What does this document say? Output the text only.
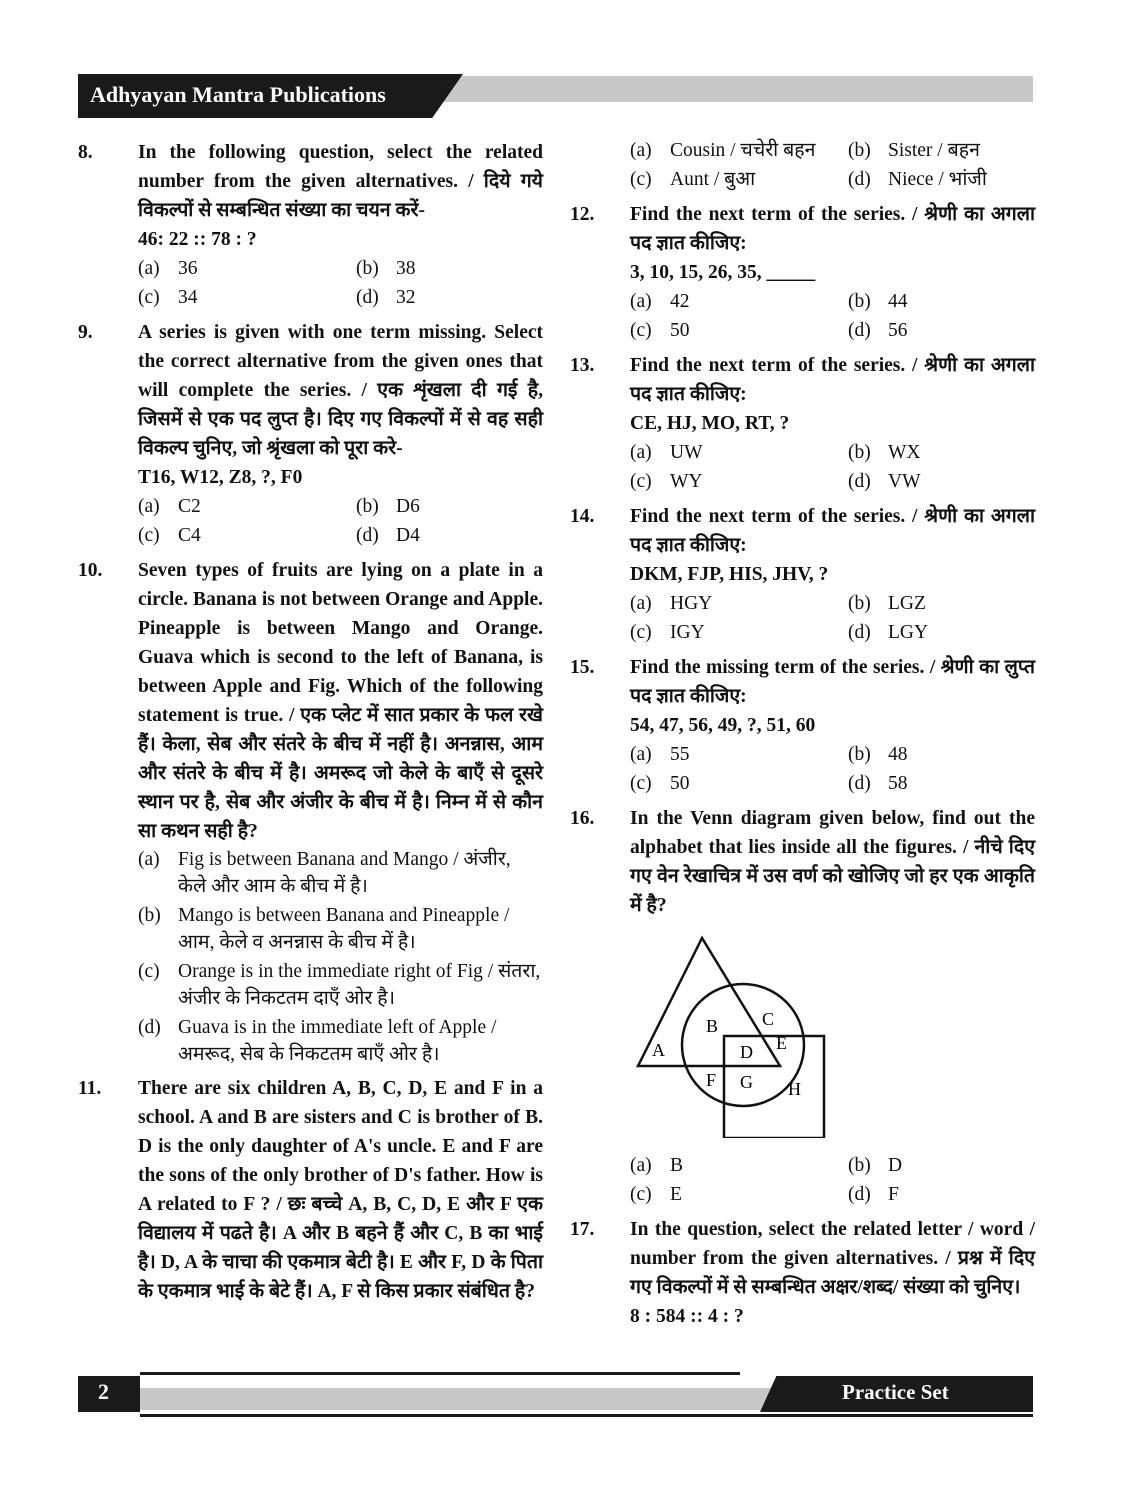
Adhyayan Mantra Publications
8.	In the following question, select the related number from the given alternatives. / दिये गये विकल्पों से सम्बन्धित संख्या का चयन करें-
46: 22 :: 78 : ?
(a) 36	(b) 38
(c) 34	(d) 32
9.	A series is given with one term missing. Select the correct alternative from the given ones that will complete the series. / एक शृंखला दी गई है, जिसमें से एक पद लुप्त है। दिए गए विकल्पों में से वह सही विकल्प चुनिए, जो श्रृंखला को पूरा करे-
T16, W12, Z8, ?, F0
(a) C2	(b) D6
(c) C4	(d) D4
10.	Seven types of fruits are lying on a plate in a circle. Banana is not between Orange and Apple. Pineapple is between Mango and Orange. Guava which is second to the left of Banana, is between Apple and Fig. Which of the following statement is true. / एक प्लेट में सात प्रकार के फल रखे हैं। केला, सेब और संतरे के बीच में नहीं है। अनन्नास, आम और संतरे के बीच में है। अमरूद जो केले के बाएँ से दूसरे स्थान पर है, सेब और अंजीर के बीच में है। निम्न में से कौन सा कथन सही है?
(a) Fig is between Banana and Mango / अंजीर, केले और आम के बीच में है।
(b) Mango is between Banana and Pineapple / आम, केले व अनन्नास के बीच में है।
(c) Orange is in the immediate right of Fig / संतरा, अंजीर के निकटतम दाएँ ओर है।
(d) Guava is in the immediate left of Apple / अमरूद, सेब के निकटतम बाएँ ओर है।
11.	There are six children A, B, C, D, E and F in a school. A and B are sisters and C is brother of B. D is the only daughter of A's uncle. E and F are the sons of the only brother of D's father. How is A related to F ? / छः बच्चे A, B, C, D, E और F एक विद्यालय में पढते है। A और B बहने हैं और C, B का भाई है। D, A के चाचा की एकमात्र बेटी है। E और F, D के पिता के एकमात्र भाई के बेटे हैं। A, F से किस प्रकार संबंधित है?
(a) Cousin / चचेरी बहन	(b) Sister / बहन
(c) Aunt / बुआ	(d) Niece / भांजी
12.	Find the next term of the series. / श्रेणी का अगला पद ज्ञात कीजिए:
3, 10, 15, 26, 35, _____
(a) 42	(b) 44
(c) 50	(d) 56
13.	Find the next term of the series. / श्रेणी का अगला पद ज्ञात कीजिए:
CE, HJ, MO, RT, ?
(a) UW	(b) WX
(c) WY	(d) VW
14.	Find the next term of the series. / श्रेणी का अगला पद ज्ञात कीजिए:
DKM, FJP, HIS, JHV, ?
(a) HGY	(b) LGZ
(c) IGY	(d) LGY
15.	Find the missing term of the series. / श्रेणी का लुप्त पद ज्ञात कीजिए:
54, 47, 56, 49, ?, 51, 60
(a) 55	(b) 48
(c) 50	(d) 58
16.	In the Venn diagram given below, find out the alphabet that lies inside all the figures. / नीचे दिए गए वेन रेखाचित्र में उस वर्ण को खोजिए जो हर एक आकृति में है?
A
B C
D E
F G H
(a) B	(b) D
(c) E	(d) F
17.	In the question, select the related letter / word / number from the given alternatives. / प्रश्न में दिए गए विकल्पों में से सम्बन्धित अक्षर/शब्द/ संख्या को चुनिए।
8 : 584 :: 4 : ?
2	Practice Set
